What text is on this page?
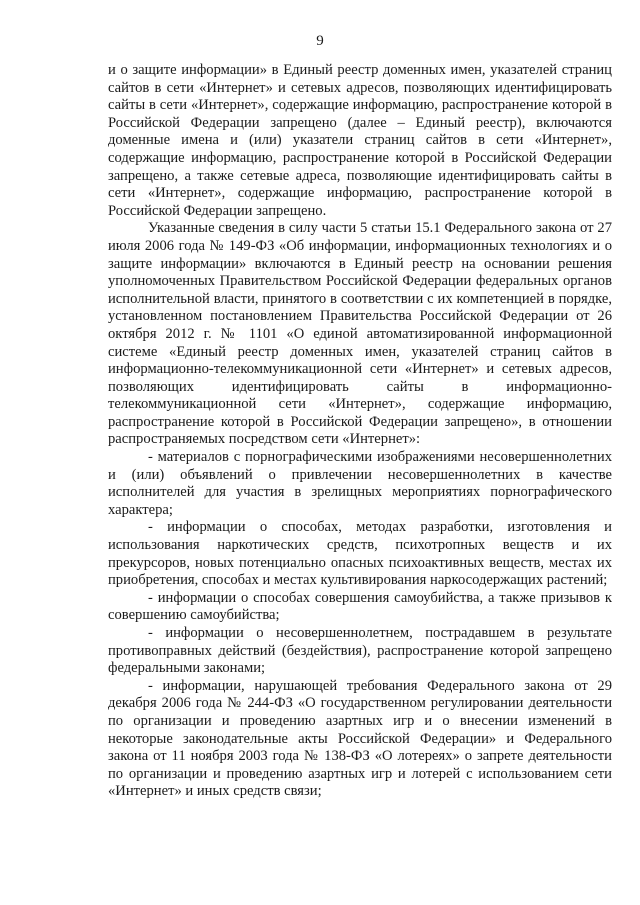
9

и о защите информации» в Единый реестр доменных имен, указателей страниц сайтов в сети «Интернет» и сетевых адресов, позволяющих идентифицировать сайты в сети «Интернет», содержащие информацию, распространение которой в Российской Федерации запрещено (далее – Единый реестр), включаются доменные имена и (или) указатели страниц сайтов в сети «Интернет», содержащие информацию, распространение которой в Российской Федерации запрещено, а также сетевые адреса, позволяющие идентифицировать сайты в сети «Интернет», содержащие информацию, распространение которой в Российской Федерации запрещено.

Указанные сведения в силу части 5 статьи 15.1 Федерального закона от 27 июля 2006 года № 149-ФЗ «Об информации, информационных технологиях и о защите информации» включаются в Единый реестр на основании решения уполномоченных Правительством Российской Федерации федеральных органов исполнительной власти, принятого в соответствии с их компетенцией в порядке, установленном постановлением Правительства Российской Федерации от 26 октября 2012 г. № 1101 «О единой автоматизированной информационной системе «Единый реестр доменных имен, указателей страниц сайтов в информационно-телекоммуникационной сети «Интернет» и сетевых адресов, позволяющих идентифицировать сайты в информационно-телекоммуникационной сети «Интернет», содержащие информацию, распространение которой в Российской Федерации запрещено», в отношении распространяемых посредством сети «Интернет»:

- материалов с порнографическими изображениями несовершеннолетних и (или) объявлений о привлечении несовершеннолетних в качестве исполнителей для участия в зрелищных мероприятиях порнографического характера;

- информации о способах, методах разработки, изготовления и использования наркотических средств, психотропных веществ и их прекурсоров, новых потенциально опасных психоактивных веществ, местах их приобретения, способах и местах культивирования наркосодержащих растений;

- информации о способах совершения самоубийства, а также призывов к совершению самоубийства;

- информации о несовершеннолетнем, пострадавшем в результате противоправных действий (бездействия), распространение которой запрещено федеральными законами;

- информации, нарушающей требования Федерального закона от 29 декабря 2006 года № 244-ФЗ «О государственном регулировании деятельности по организации и проведению азартных игр и о внесении изменений в некоторые законодательные акты Российской Федерации» и Федерального закона от 11 ноября 2003 года № 138-ФЗ «О лотереях» о запрете деятельности по организации и проведению азартных игр и лотерей с использованием сети «Интернет» и иных средств связи;
